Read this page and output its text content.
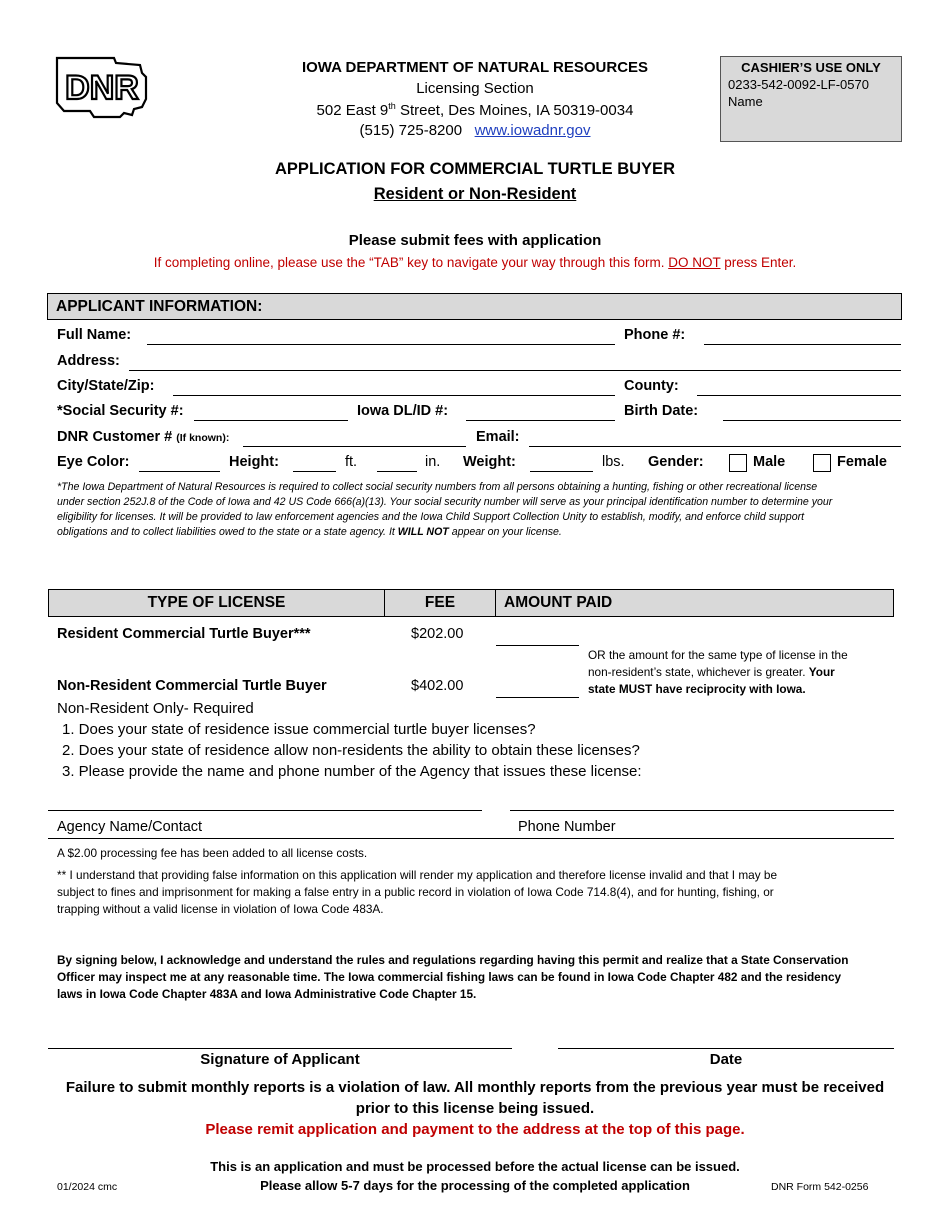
DNR
IOWA DEPARTMENT OF NATURAL RESOURCES
Licensing Section
502 East 9th Street, Des Moines, IA 50319-0034
(515) 725-8200 www.iowadnr.gov
CASHIER’S USE ONLY
0233-542-0092-LF-0570
Name
APPLICATION FOR COMMERCIAL TURTLE BUYER
Resident or Non-Resident
Please submit fees with application
If completing online, please use the “TAB” key to navigate your way through this form. DO NOT press Enter.
APPLICANT INFORMATION:
Full Name:	Phone #:
Address:
City/State/Zip:	County:
*Social Security #:	Iowa DL/ID #:	Birth Date:
DNR Customer # (If known):	Email:
Eye Color:	Height:	ft.	in. Weight:	lbs. Gender:	Male	Female
*The Iowa Department of Natural Resources is required to collect social security numbers from all persons obtaining a hunting, fishing or other recreational license
under section 252J.8 of the Code of Iowa and 42 US Code 666(a)(13). Your social security number will serve as your principal identification number to determine your
eligibility for licenses. It will be provided to law enforcement agencies and the Iowa Child Support Collection Unity to establish, modify, and enforce child support
obligations and to collect liabilities owed to the state or a state agency. It WILL NOT appear on your license.
TYPE OF LICENSE	FEE	AMOUNT PAID
Resident Commercial Turtle Buyer***	$202.00
OR the amount for the same type of license in the
non-resident’s state, whichever is greater. Your
state MUST have reciprocity with Iowa.
Non-Resident Commercial Turtle Buyer	$402.00
Non-Resident Only- Required
1. Does your state of residence issue commercial turtle buyer licenses?
2. Does your state of residence allow non-residents the ability to obtain these licenses?
3. Please provide the name and phone number of the Agency that issues these license:
Agency Name/Contact	Phone Number
A $2.00 processing fee has been added to all license costs.
** I understand that providing false information on this application will render my application and therefore license invalid and that I may be
subject to fines and imprisonment for making a false entry in a public record in violation of Iowa Code 714.8(4), and for hunting, fishing, or
trapping without a valid license in violation of Iowa Code 483A.
By signing below, I acknowledge and understand the rules and regulations regarding having this permit and realize that a State Conservation
Officer may inspect me at any reasonable time. The Iowa commercial fishing laws can be found in Iowa Code Chapter 482 and the residency
laws in Iowa Code Chapter 483A and Iowa Administrative Code Chapter 15.
Signature of Applicant	Date
Failure to submit monthly reports is a violation of law. All monthly reports from the previous year must be received
prior to this license being issued.
Please remit application and payment to the address at the top of this page.
This is an application and must be processed before the actual license can be issued.
Please allow 5-7 days for the processing of the completed application
01/2024 cmc	DNR Form 542-0256
